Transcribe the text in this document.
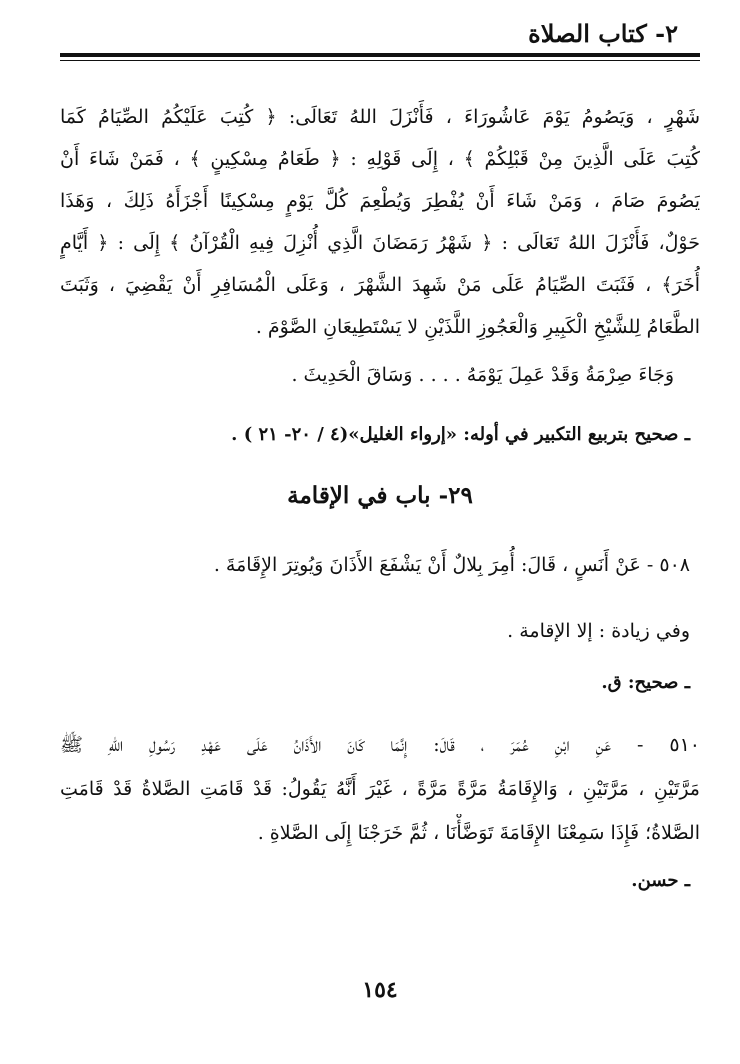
٢- كتاب الصلاة
شَهْرٍ ، وَيَصُومُ يَوْمَ عَاشُورَاءَ ، فَأَنْزَلَ اللهُ تَعَالَى: ﴿ كُتِبَ عَلَيْكُمُ الصِّيَامُ كَمَا
كُتِبَ عَلَى الَّذِينَ مِنْ قَبْلِكُمْ ﴾ ، إِلَى قَوْلِهِ : ﴿ طَعَامُ مِسْكِينٍ ﴾ ، فَمَنْ شَاءَ أَنْ
يَصُومَ صَامَ ، وَمَنْ شَاءَ أَنْ يُفْطِرَ وَيُطْعِمَ كُلَّ يَوْمٍ مِسْكِينًا أَجْزَأَهُ ذَلِكَ ، وَهَذَا
حَوْلٌ، فَأَنْزَلَ اللهُ تَعَالَى : ﴿ شَهْرُ رَمَضَانَ الَّذِي أُنْزِلَ فِيهِ الْقُرْآنُ ﴾ إِلَى : ﴿ أَيَّامٍ
أُخَرَ﴾ ، فَثَبَتَ الصِّيَامُ عَلَى مَنْ شَهِدَ الشَّهْرَ ، وَعَلَى الْمُسَافِرِ أَنْ يَقْضِيَ ، وَثَبَتَ
الطَّعَامُ لِلشَّيْخِ الْكَبِيرِ وَالْعَجُوزِ اللَّذَيْنِ لا يَسْتَطِيعَانِ الصَّوْمَ .
وَجَاءَ صِرْمَةُ وَقَدْ عَمِلَ يَوْمَهُ . . . . وَسَاقَ الْحَدِيثَ .
ـ صحيح بتربيع التكبير في أوله: «إرواء الغليل»(٤ / ٢٠- ٢١ ) .
٢٩- باب في الإقامة
٥٠٨ - عَنْ أَنَسٍ ، قَالَ: أُمِرَ بِلالٌ أَنْ يَشْفَعَ الأَذَانَ وَيُوتِرَ الإِقَامَةَ .
وفي زيادة : إلا الإقامة .
ـ صحيح: ق.
٥١٠ - عَنِ ابْنِ عُمَرَ ، قَالَ: إِنَّمَا كَانَ الأَذَانُ عَلَى عَهْدِ رَسُولِ اللهِ ﷺ
مَرَّتَيْنِ ، مَرَّتَيْنِ ، وَالإِقَامَةُ مَرَّةً مَرَّةً ، غَيْرَ أَنَّهُ يَقُولُ: قَدْ قَامَتِ الصَّلاةُ قَدْ قَامَتِ
الصَّلاةُ؛ فَإِذَا سَمِعْنَا الإِقَامَةَ تَوَضَّأْنَا ، ثُمَّ خَرَجْنَا إِلَى الصَّلاةِ .
ـ حسن.
١٥٤
